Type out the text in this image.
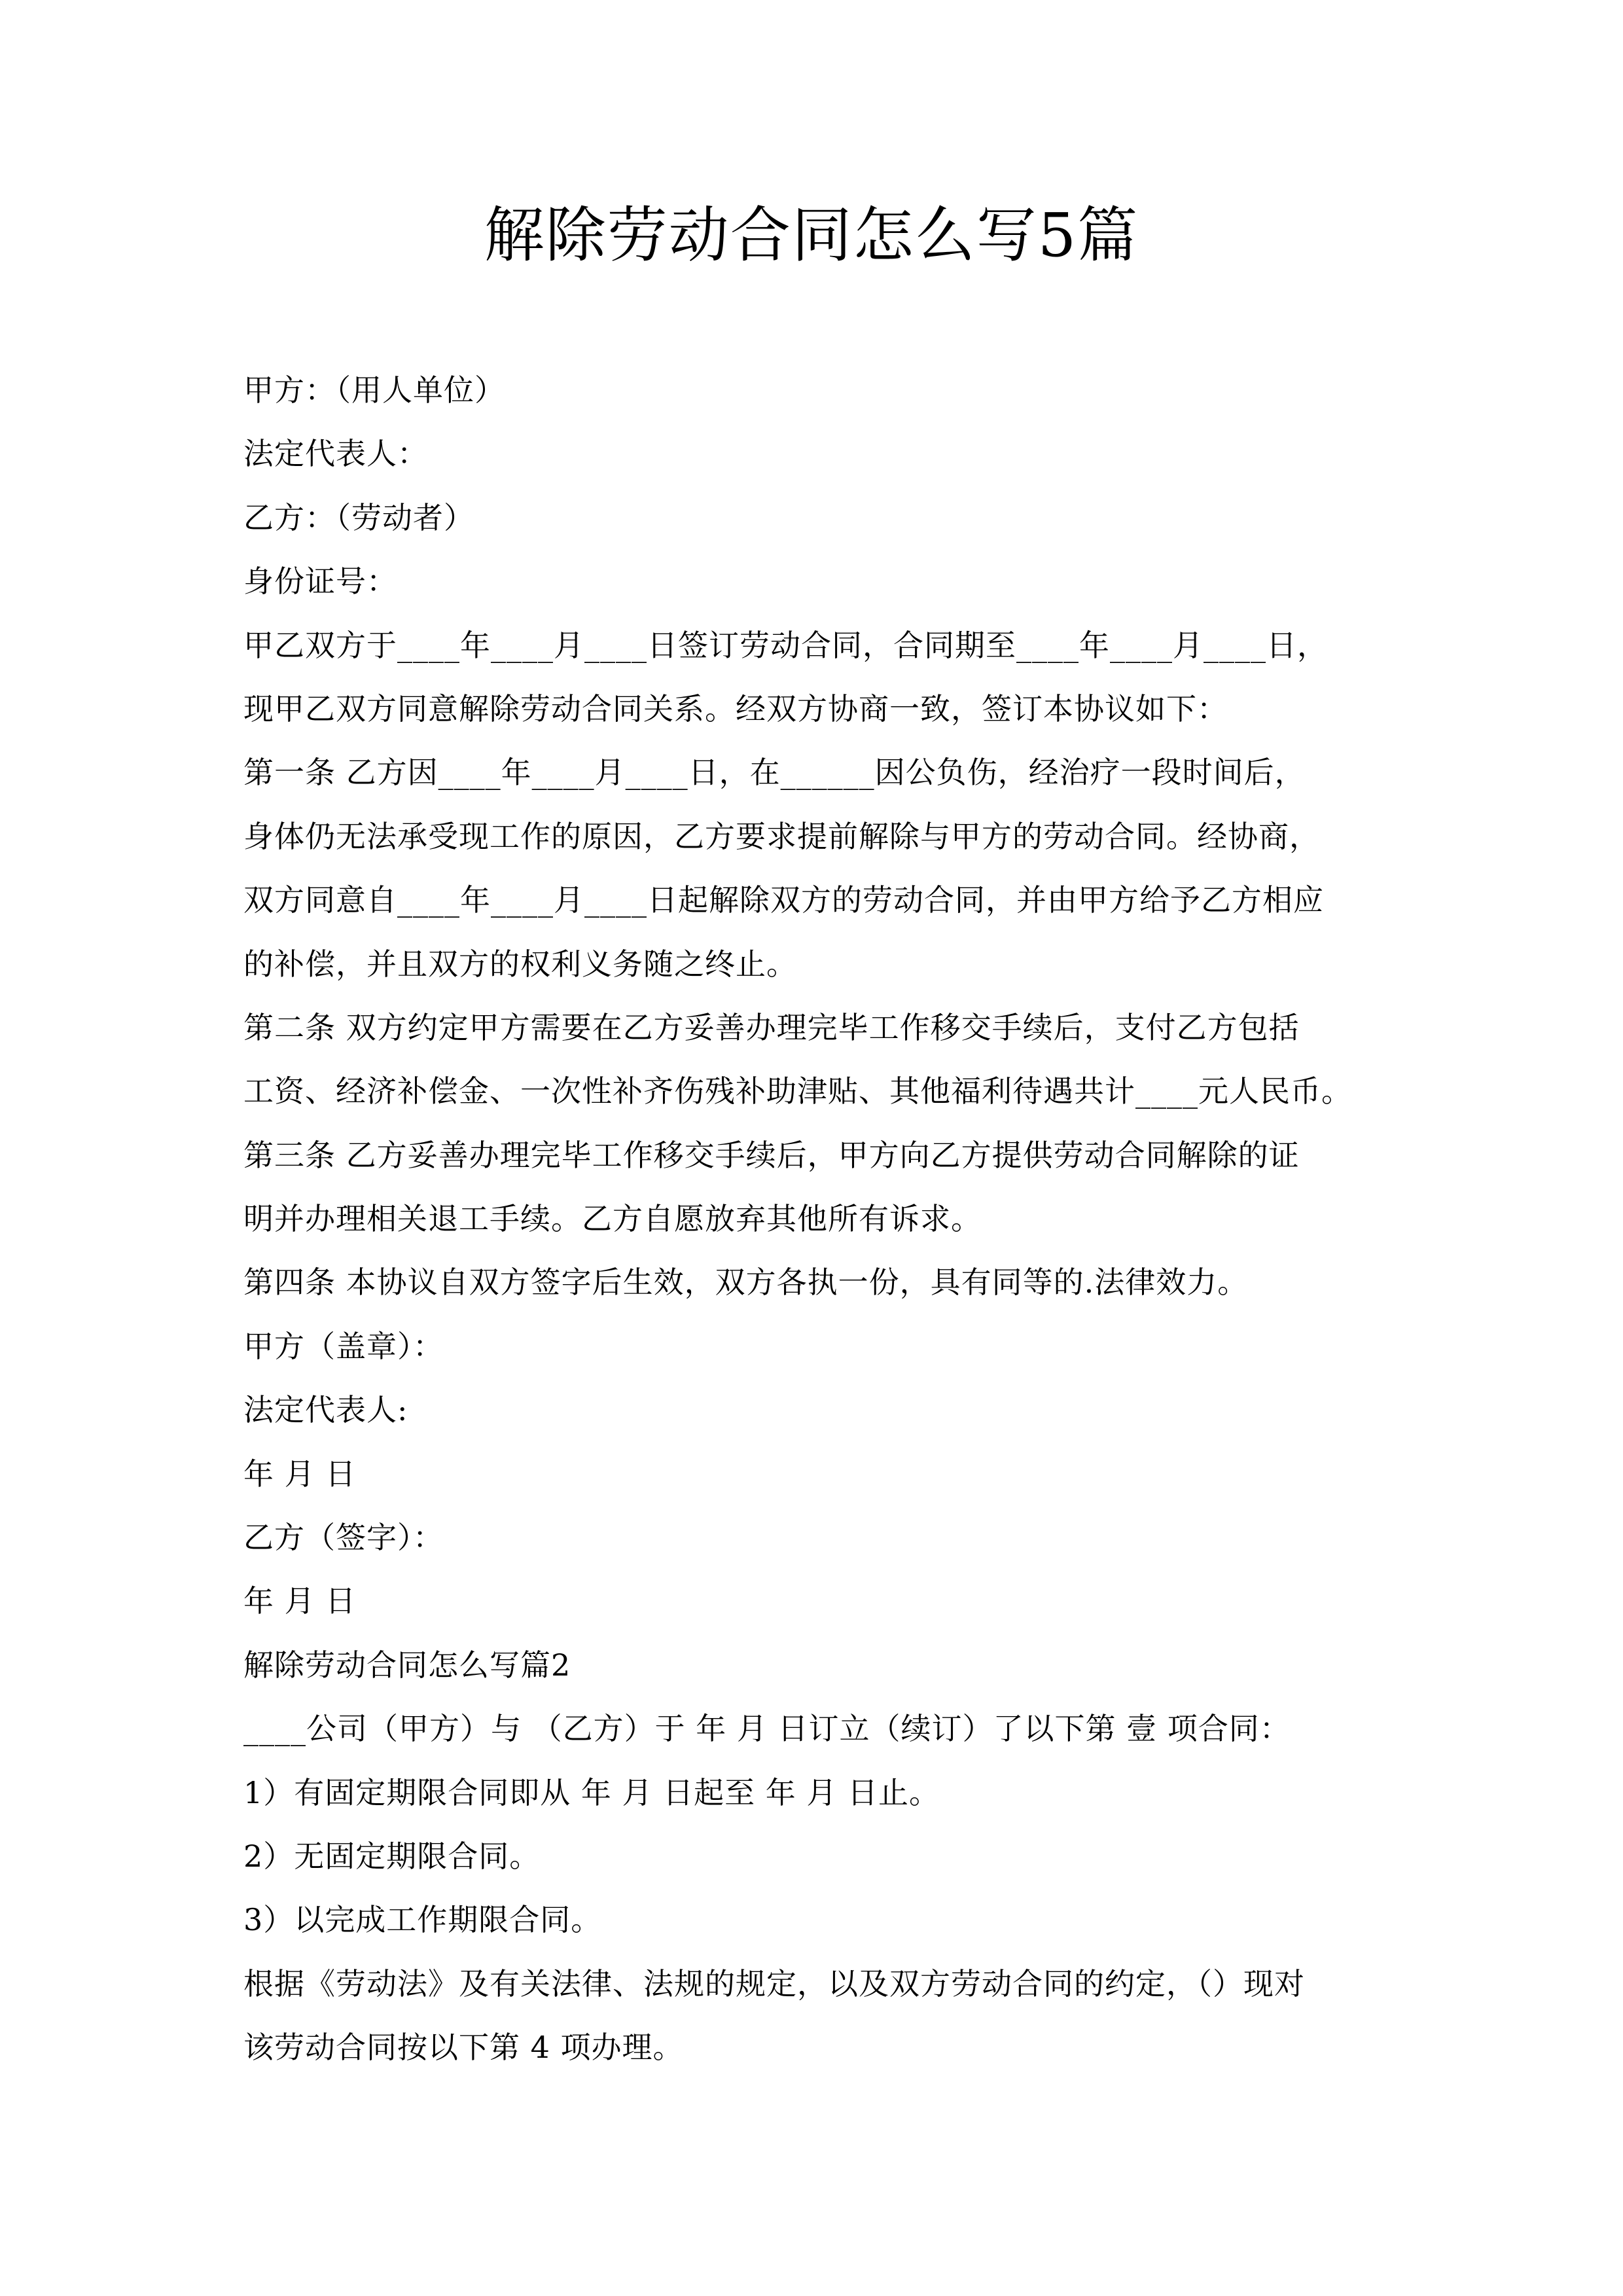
解除劳动合同怎么写5篇

甲方：（用人单位）

法定代表人：

乙方：（劳动者）

身份证号：

甲乙双方于____年____月____日签订劳动合同，合同期至____年____月____日，

现甲乙双方同意解除劳动合同关系。经双方协商一致，签订本协议如下：

第一条 乙方因____年____月____日，在______因公负伤，经治疗一段时间后，

身体仍无法承受现工作的原因，乙方要求提前解除与甲方的劳动合同。经协商，

双方同意自____年____月____日起解除双方的劳动合同，并由甲方给予乙方相应

的补偿，并且双方的权利义务随之终止。

第二条 双方约定甲方需要在乙方妥善办理完毕工作移交手续后，支付乙方包括

工资、经济补偿金、一次性补齐伤残补助津贴、其他福利待遇共计____元人民币。

第三条 乙方妥善办理完毕工作移交手续后，甲方向乙方提供劳动合同解除的证

明并办理相关退工手续。乙方自愿放弃其他所有诉求。

第四条 本协议自双方签字后生效，双方各执一份，具有同等的.法律效力。

甲方（盖章）：

法定代表人:

年 月 日

乙方（签字）：

年 月 日

解除劳动合同怎么写篇2

____公司（甲方）与 （乙方）于 年 月 日订立（续订）了以下第 壹 项合同：

1）有固定期限合同即从 年 月 日起至 年 月 日止。

2）无固定期限合同。

3）以完成工作期限合同。

根据《劳动法》及有关法律、法规的规定，以及双方劳动合同的约定，（）现对

该劳动合同按以下第 4 项办理。
